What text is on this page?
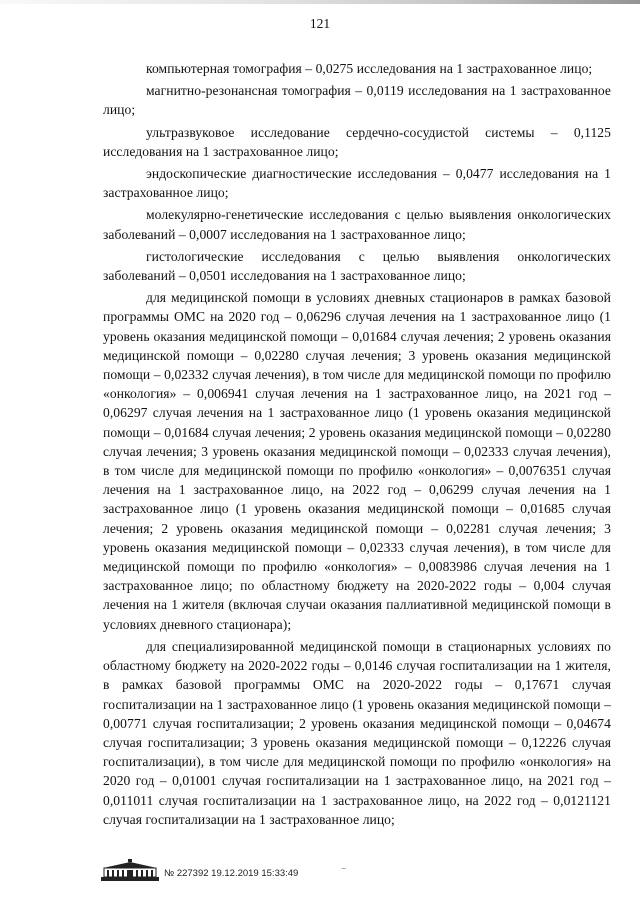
121

компьютерная томография – 0,0275 исследования на 1 застрахованное лицо;

магнитно-резонансная томография – 0,0119 исследования на 1 застрахованное лицо;

ультразвуковое исследование сердечно-сосудистой системы – 0,1125 исследования на 1 застрахованное лицо;

эндоскопические диагностические исследования – 0,0477 исследования на 1 застрахованное лицо;

молекулярно-генетические исследования с целью выявления онкологических заболеваний – 0,0007 исследования на 1 застрахованное лицо;

гистологические исследования с целью выявления онкологических заболеваний – 0,0501 исследования на 1 застрахованное лицо;

для медицинской помощи в условиях дневных стационаров в рамках базовой программы ОМС на 2020 год – 0,06296 случая лечения на 1 застрахованное лицо (1 уровень оказания медицинской помощи – 0,01684 случая лечения; 2 уровень оказания медицинской помощи – 0,02280 случая лечения; 3 уровень оказания медицинской помощи – 0,02332 случая лечения), в том числе для медицинской помощи по профилю «онкология» – 0,006941 случая лечения на 1 застрахованное лицо, на 2021 год – 0,06297 случая лечения на 1 застрахованное лицо (1 уровень оказания медицинской помощи – 0,01684 случая лечения; 2 уровень оказания медицинской помощи – 0,02280 случая лечения; 3 уровень оказания медицинской помощи – 0,02333 случая лечения), в том числе для медицинской помощи по профилю «онкология» – 0,0076351 случая лечения на 1 застрахованное лицо, на 2022 год – 0,06299 случая лечения на 1 застрахованное лицо (1 уровень оказания медицинской помощи – 0,01685 случая лечения; 2 уровень оказания медицинской помощи – 0,02281 случая лечения; 3 уровень оказания медицинской помощи – 0,02333 случая лечения), в том числе для медицинской помощи по профилю «онкология» – 0,0083986 случая лечения на 1 застрахованное лицо; по областному бюджету на 2020-2022 годы – 0,004 случая лечения на 1 жителя (включая случаи оказания паллиативной медицинской помощи в условиях дневного стационара);

для специализированной медицинской помощи в стационарных условиях по областному бюджету на 2020-2022 годы – 0,0146 случая госпитализации на 1 жителя, в рамках базовой программы ОМС на 2020-2022 годы – 0,17671 случая госпитализации на 1 застрахованное лицо (1 уровень оказания медицинской помощи – 0,00771 случая госпитализации; 2 уровень оказания медицинской помощи – 0,04674 случая госпитализации; 3 уровень оказания медицинской помощи – 0,12226 случая госпитализации), в том числе для медицинской помощи по профилю «онкология» на 2020 год – 0,01001 случая госпитализации на 1 застрахованное лицо, на 2021 год – 0,011011 случая госпитализации на 1 застрахованное лицо, на 2022 год – 0,0121121 случая госпитализации на 1 застрахованное лицо;

№ 227392 19.12.2019 15:33:49	⁻
